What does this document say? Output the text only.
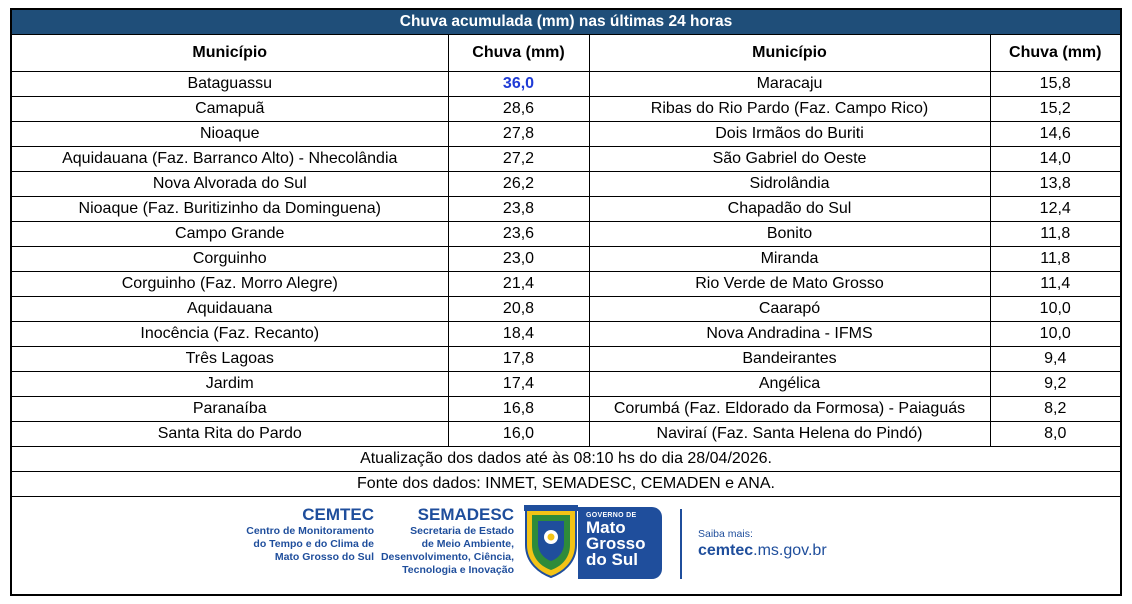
Chuva acumulada (mm) nas últimas 24 horas
Município	Chuva (mm)	Município	Chuva (mm)
Bataguassu	36,0	Maracaju	15,8
Camapuã	28,6	Ribas do Rio Pardo (Faz. Campo Rico)	15,2
Nioaque	27,8	Dois Irmãos do Buriti	14,6
Aquidauana (Faz. Barranco Alto) - Nhecolândia	27,2	São Gabriel do Oeste	14,0
Nova Alvorada do Sul	26,2	Sidrolândia	13,8
Nioaque (Faz. Buritizinho da Dominguena)	23,8	Chapadão do Sul	12,4
Campo Grande	23,6	Bonito	11,8
Corguinho	23,0	Miranda	11,8
Corguinho (Faz. Morro Alegre)	21,4	Rio Verde de Mato Grosso	11,4
Aquidauana	20,8	Caarapó	10,0
Inocência (Faz. Recanto)	18,4	Nova Andradina - IFMS	10,0
Três Lagoas	17,8	Bandeirantes	9,4
Jardim	17,4	Angélica	9,2
Paranaíba	16,8	Corumbá (Faz. Eldorado da Formosa) - Paiaguás	8,2
Santa Rita do Pardo	16,0	Naviraí (Faz. Santa Helena do Pindó)	8,0
Atualização dos dados até às 08:10 hs do dia 28/04/2026.
Fonte dos dados: INMET, SEMADESC, CEMADEN e ANA.
CEMTEC
Centro de Monitoramento
do Tempo e do Clima de
Mato Grosso do Sul
SEMADESC
Secretaria de Estado
de Meio Ambiente,
Desenvolvimento, Ciência,
Tecnologia e Inovação
GOVERNO DE
Mato
Grosso
do Sul
Saiba mais:
cemtec.ms.gov.br
